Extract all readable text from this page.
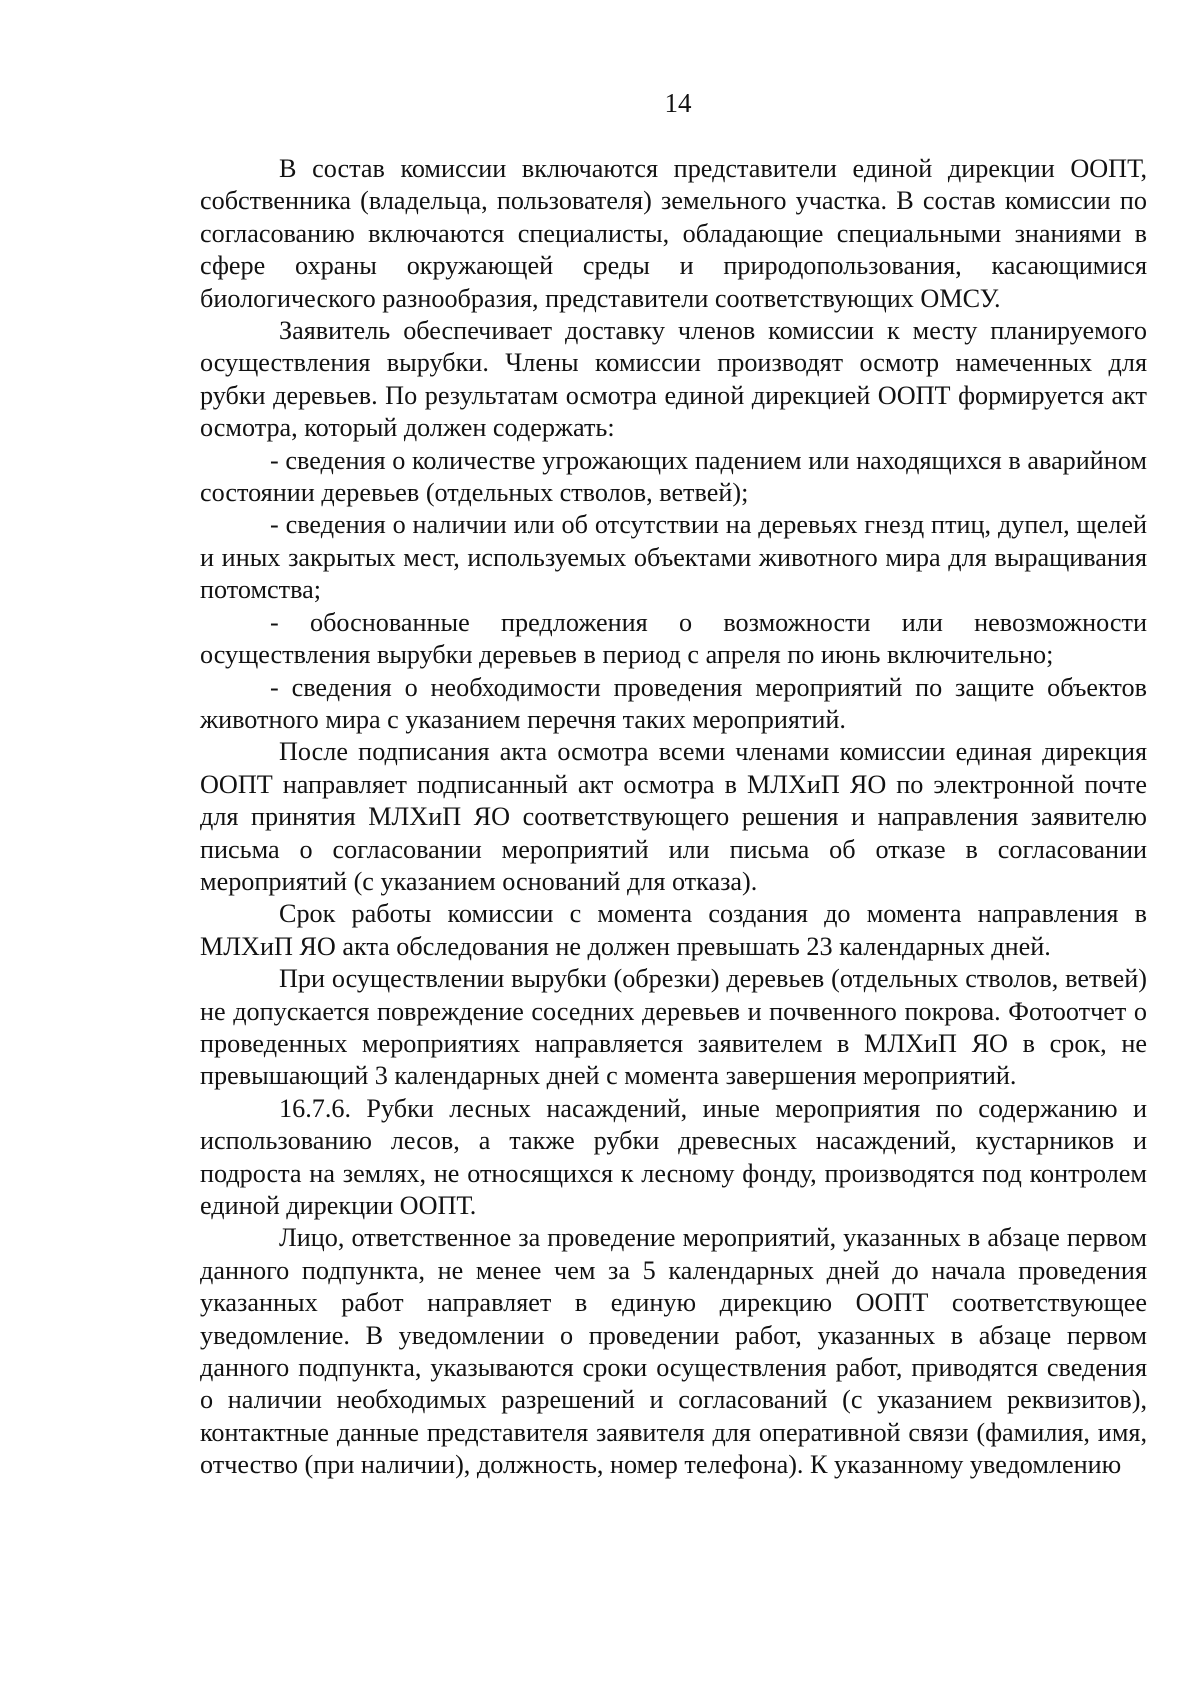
14

В состав комиссии включаются представители единой дирекции ООПТ, собственника (владельца, пользователя) земельного участка. В состав комиссии по согласованию включаются специалисты, обладающие специальными знаниями в сфере охраны окружающей среды и природопользования, касающимися биологического разнообразия, представители соответствующих ОМСУ.

Заявитель обеспечивает доставку членов комиссии к месту планируемого осуществления вырубки. Члены комиссии производят осмотр намеченных для рубки деревьев. По результатам осмотра единой дирекцией ООПТ формируется акт осмотра, который должен содержать:

- сведения о количестве угрожающих падением или находящихся в аварийном состоянии деревьев (отдельных стволов, ветвей);

- сведения о наличии или об отсутствии на деревьях гнезд птиц, дупел, щелей и иных закрытых мест, используемых объектами животного мира для выращивания потомства;

- обоснованные предложения о возможности или невозможности осуществления вырубки деревьев в период с апреля по июнь включительно;

- сведения о необходимости проведения мероприятий по защите объектов животного мира с указанием перечня таких мероприятий.

После подписания акта осмотра всеми членами комиссии единая дирекция ООПТ направляет подписанный акт осмотра в МЛХиП ЯО по электронной почте для принятия МЛХиП ЯО соответствующего решения и направления заявителю письма о согласовании мероприятий или письма об отказе в согласовании мероприятий (с указанием оснований для отказа).

Срок работы комиссии с момента создания до момента направления в МЛХиП ЯО акта обследования не должен превышать 23 календарных дней.

При осуществлении вырубки (обрезки) деревьев (отдельных стволов, ветвей) не допускается повреждение соседних деревьев и почвенного покрова. Фотоотчет о проведенных мероприятиях направляется заявителем в МЛХиП ЯО в срок, не превышающий 3 календарных дней с момента завершения мероприятий.

16.7.6. Рубки лесных насаждений, иные мероприятия по содержанию и использованию лесов, а также рубки древесных насаждений, кустарников и подроста на землях, не относящихся к лесному фонду, производятся под контролем единой дирекции ООПТ.

Лицо, ответственное за проведение мероприятий, указанных в абзаце первом данного подпункта, не менее чем за 5 календарных дней до начала проведения указанных работ направляет в единую дирекцию ООПТ соответствующее уведомление. В уведомлении о проведении работ, указанных в абзаце первом данного подпункта, указываются сроки осуществления работ, приводятся сведения о наличии необходимых разрешений и согласований (с указанием реквизитов), контактные данные представителя заявителя для оперативной связи (фамилия, имя, отчество (при наличии), должность, номер телефона). К указанному уведомлению
